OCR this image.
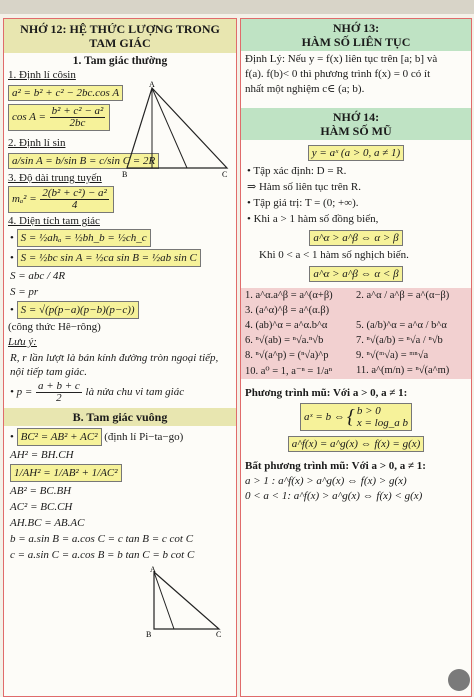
NHỚ 12: HỆ THỨC LƯỢNG TRONG TAM GIÁC
1. Tam giác thường
1. Định lí côsin
a² = b² + c² − 2bc.cos A
$\cos A = \frac{\text{b² + c² − a²}}{2bc}$
A
B	C
2. Định lí sin
a/sin A = b/sin B = c/sin C = 2R
3. Độ dài trung tuyến
$m_a^2 = \frac{\text{2(b² + c²) − a²}}{4}$
4. Diện tích tam giác
• S = ½ahₐ = ½bh_b = ½ch_c
• S = ½bc sin A = ½ca sin B = ½ab sin C
S = abc / 4R
S = pr
• S = √(p(p−a)(p−b)(p−c))
(công thức Hê−rông)
Lưu ý:
R, r lần lượt là bán kính đường tròn ngoại tiếp, nội tiếp tam giác.
• $p = \frac{a + b + c}{2}$ là nửa chu vi tam giác
B. Tam giác vuông
• BC² = AB² + AC² (định lí Pi−ta−go)
AH² = BH.CH
1/AH² = 1/AB² + 1/AC²
AB² = BC.BH
AC² = BC.CH
AH.BC = AB.AC
b = a.sin B = a.cos C = c tan B = c cot C
c = a.sin C = a.cos B = b tan C = b cot C
A
B	C
NHỚ 13:
HÀM SỐ LIÊN TỤC
Định Lý: Nếu y = f(x) liên tục trên [a; b] và
f(a). f(b)< 0 thì phương trình f(x) = 0 có ít
nhất một nghiệm c∈ (a; b).
NHỚ 14:
HÀM SỐ MŨ
y = aˣ (a > 0, a ≠ 1)
• Tập xác định: D = R.
⇒ Hàm số liên tục trên R.
• Tập giá trị: T = (0; +∞).
• Khi a > 1 hàm số đồng biến,
a^α > a^β ⇔ α > β
Khi 0 < a < 1 hàm số nghịch biến.
a^α > a^β ⇔ α < β
1. a^α.a^β = a^(α+β)	2. a^α / a^β = a^(α−β)
3. (a^α)^β = a^(α.β)
4. (ab)^α = a^α.b^α	5. (a/b)^α = a^α / b^α
6. ⁿ√(ab) = ⁿ√a.ⁿ√b	7. ⁿ√(a/b) = ⁿ√a / ⁿ√b
8. ⁿ√(a^p) = (ⁿ√a)^p	9. ⁿ√(ᵐ√a) = ᵐⁿ√a
10. a⁰ = 1, a⁻ⁿ = 1/aⁿ	11. a^(m/n) = ⁿ√(a^m)
Phương trình mũ: Với a > 0, a ≠ 1:
aˣ = b ⇔ { b > 0
x = log_a b
a^f(x) = a^g(x) ⇔ f(x) = g(x)
Bất phương trình mũ: Với a > 0, a ≠ 1:
a > 1 : a^f(x) > a^g(x) ⇔ f(x) > g(x)
0 < a < 1: a^f(x) > a^g(x) ⇔ f(x) < g(x)
